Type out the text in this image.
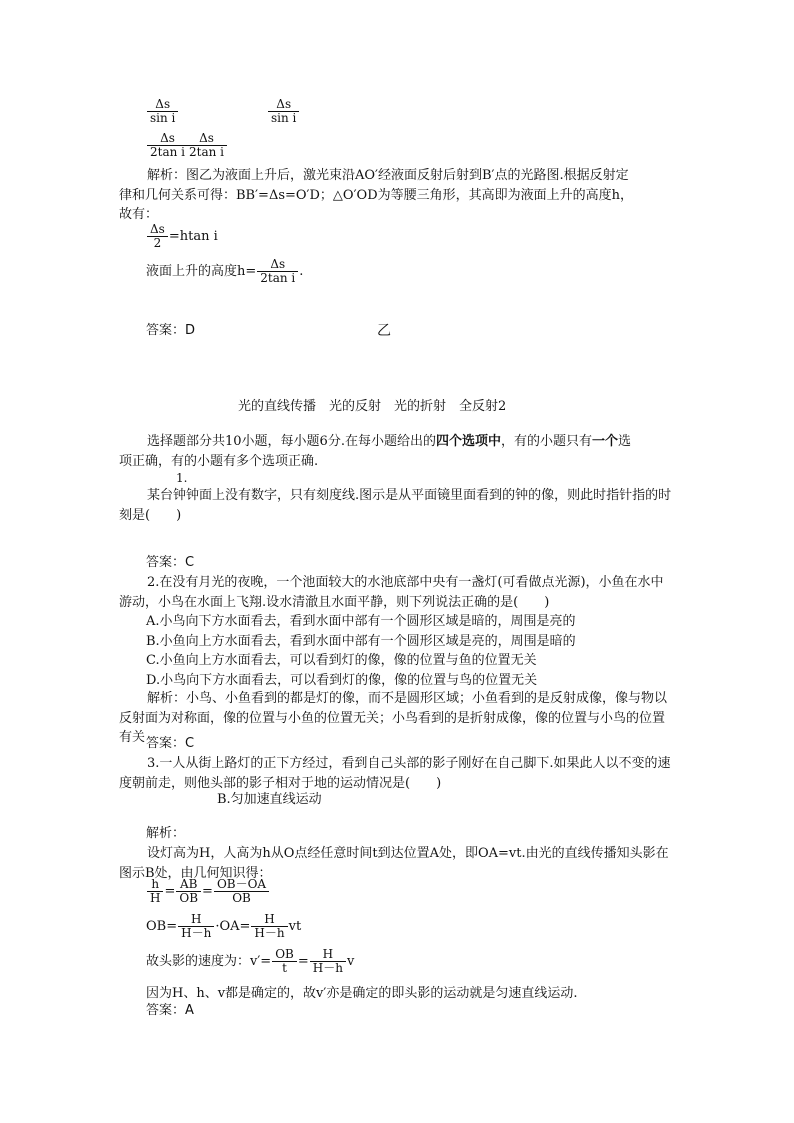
$\frac{\Delta s}{\text{sin i}}$	$\frac{\Delta s}{\text{sin i}}$
$\frac{\Delta s}{\text{2tan i}}$
$\frac{\Delta s}{\text{2tan i}}$
解析：图乙为液面上升后，激光束沿AO′经液面反射后射到B′点的光路图.根据反射定
律和几何关系可得：BB′=Δs=O′D；△O′OD为等腰三角形，其高即为液面上升的高度h，
故有：
$\frac{\Delta s}{2} =htan$ i
液面上升的高度$h= \frac{\Delta s}{\text{2tan i}}$ .
答案：D	乙
光的直线传播　光的反射　光的折射　全反射2
选择题部分共10小题，每小题6分.在每小题给出的四个选项中，有的小题只有一个选
项正确，有的小题有多个选项正确.
1.
某台钟钟面上没有数字，只有刻度线.图示是从平面镜里面看到的钟的像，则此时指针指的时刻是(　　)
答案：C
2.在没有月光的夜晚，一个池面较大的水池底部中央有一盏灯(可看做点光源)，小鱼在水中游动，小鸟在水面上飞翔.设水清澈且水面平静，则下列说法正确的是(　　)
A.小鸟向下方水面看去，看到水面中部有一个圆形区域是暗的，周围是亮的
B.小鱼向上方水面看去，看到水面中部有一个圆形区域是亮的，周围是暗的
C.小鱼向上方水面看去，可以看到灯的像，像的位置与鱼的位置无关
D.小鸟向下方水面看去，可以看到灯的像，像的位置与鸟的位置无关
解析：小鸟、小鱼看到的都是灯的像，而不是圆形区域；小鱼看到的是反射成像，像与物以反射面为对称面，像的位置与小鱼的位置无关；小鸟看到的是折射成像，像的位置与小鸟的位置有关 答案：C
3.一人从街上路灯的正下方经过，看到自己头部的影子刚好在自己脚下.如果此人以不变的速度朝前走，则他头部的影子相对于地的运动情况是(　　)
B.匀加速直线运动
解析：
设灯高为H，人高为h从O点经任意时间t到达位置A处，即OA=vt.由光的直线传播知头影在图示B处，由几何知识得：
$\frac{h}{H} = \frac{AB}{OB} = \frac{OB-OA}{OB}$
$OB= \frac{H}{H-h} \cdot OA= \frac{H}{H-h}$ vt
故头影的速度为：$v'= \frac{OB}{t} = \frac{H}{H-h}$ v
因为H、h、v都是确定的，故v′亦是确定的即头影的运动就是匀速直线运动.
答案：A
